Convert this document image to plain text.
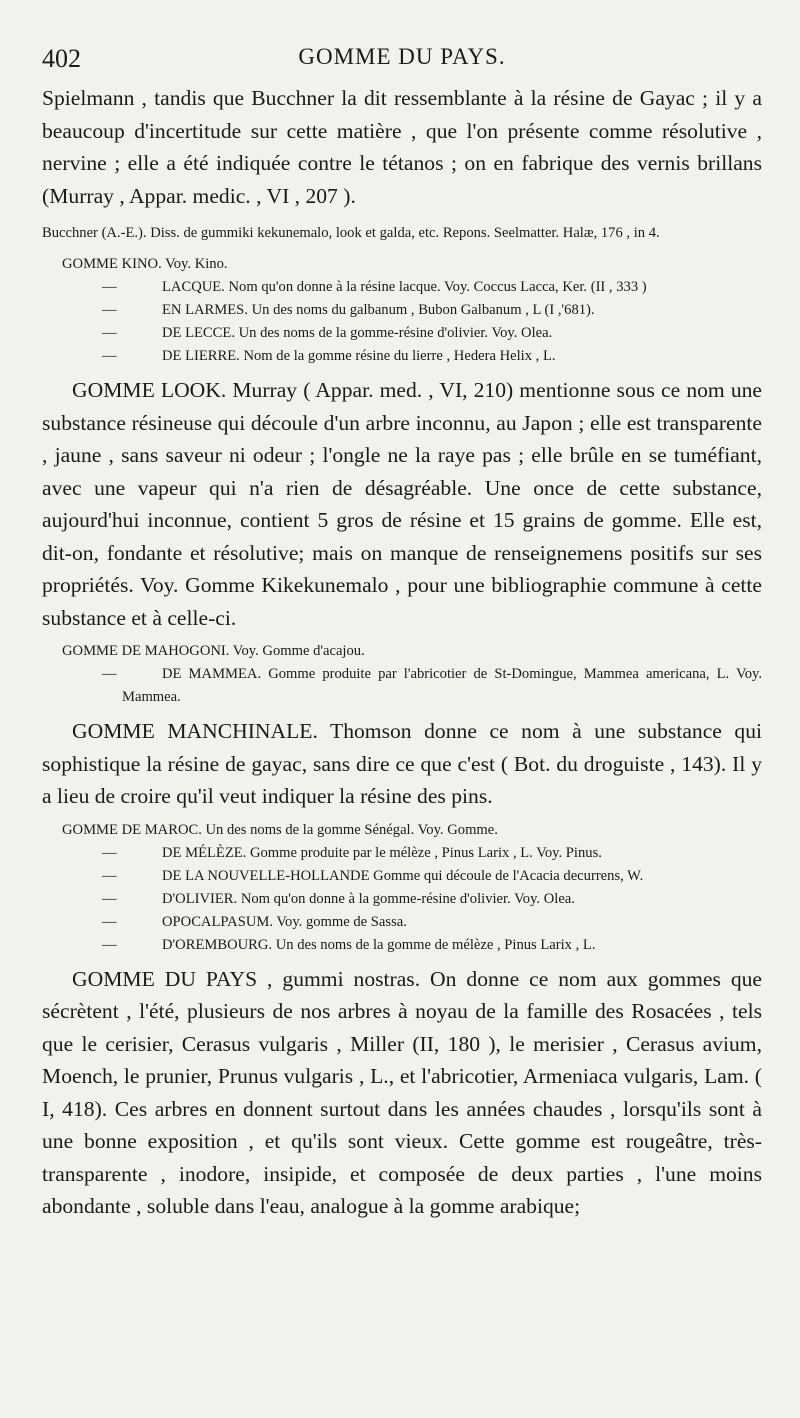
402	GOMME DU PAYS.

Spielmann , tandis que Bucchner la dit ressemblante à la résine de Gayac ; il y a beaucoup d'incertitude sur cette matière , que l'on présente comme résolutive , nervine ; elle a été indiquée contre le tétanos ; on en fabrique des vernis brillans (Murray , Appar. medic. , VI , 207 ).

Bucchner (A.-E.). Diss. de gummiki kekunemalo, look et galda, etc. Repons. Seelmatter. Halæ, 176 , in 4.

GOMME KINO. Voy. Kino.

—	LACQUE. Nom qu'on donne à la résine lacque. Voy. Coccus Lacca, Ker. (II , 333 )

—	EN LARMES. Un des noms du galbanum , Bubon Galbanum , L (I ,'681).

—	DE LECCE. Un des noms de la gomme-résine d'olivier. Voy. Olea.

—	DE LIERRE. Nom de la gomme résine du lierre , Hedera Helix , L.

GOMME LOOK. Murray ( Appar. med. , VI, 210) mentionne sous ce nom une substance résineuse qui découle d'un arbre inconnu, au Japon ; elle est transparente , jaune , sans saveur ni odeur ; l'ongle ne la raye pas ; elle brûle en se tuméfiant, avec une vapeur qui n'a rien de désagréable. Une once de cette substance, aujourd'hui inconnue, contient 5 gros de résine et 15 grains de gomme. Elle est, dit-on, fondante et résolutive; mais on manque de renseignemens positifs sur ses propriétés. Voy. Gomme Kikekunemalo , pour une bibliographie commune à cette substance et à celle-ci.

GOMME DE MAHOGONI. Voy. Gomme d'acajou.

—	DE MAMMEA. Gomme produite par l'abricotier de St-Domingue, Mammea americana, L. Voy. Mammea.

GOMME MANCHINALE. Thomson donne ce nom à une substance qui sophistique la résine de gayac, sans dire ce que c'est ( Bot. du droguiste , 143). Il y a lieu de croire qu'il veut indiquer la résine des pins.

GOMME DE MAROC. Un des noms de la gomme Sénégal. Voy. Gomme.

—	DE MÉLÈZE. Gomme produite par le mélèze , Pinus Larix , L. Voy. Pinus.

—	DE LA NOUVELLE-HOLLANDE Gomme qui découle de l'Acacia decurrens, W.

—	D'OLIVIER. Nom qu'on donne à la gomme-résine d'olivier. Voy. Olea.

—	OPOCALPASUM. Voy. gomme de Sassa.

—	D'OREMBOURG. Un des noms de la gomme de mélèze , Pinus Larix , L.

GOMME DU PAYS , gummi nostras. On donne ce nom aux gommes que sécrètent , l'été, plusieurs de nos arbres à noyau de la famille des Rosacées , tels que le cerisier, Cerasus vulgaris , Miller (II, 180 ), le merisier , Cerasus avium, Moench, le prunier, Prunus vulgaris , L., et l'abricotier, Armeniaca vulgaris, Lam. ( I, 418). Ces arbres en donnent surtout dans les années chaudes , lorsqu'ils sont à une bonne exposition , et qu'ils sont vieux. Cette gomme est rougeâtre, très-transparente , inodore, insipide, et composée de deux parties , l'une moins abondante , soluble dans l'eau, analogue à la gomme arabique;
